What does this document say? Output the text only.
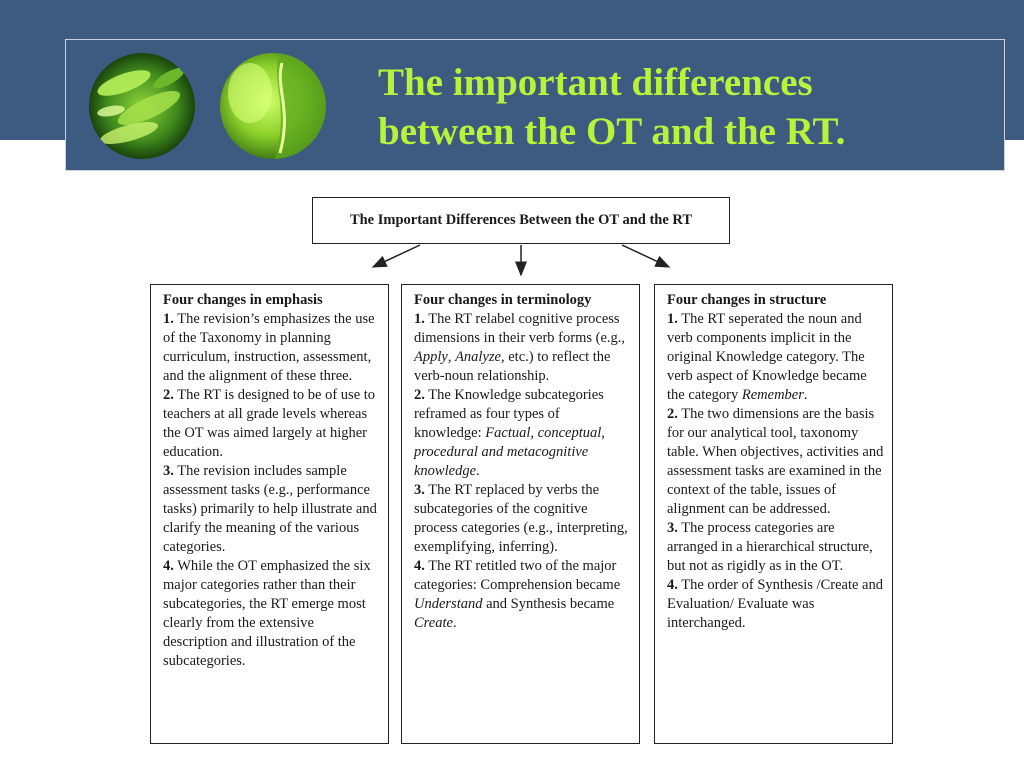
The important differences
between the OT and the RT.
The Important Differences Between the OT and the RT

Four changes in emphasis

1. The revision’s emphasizes the use of the Taxonomy in planning curriculum, instruction, assessment, and the alignment of these three.

2. The RT is designed to be of use to teachers at all grade levels whereas the OT was aimed largely at higher education.

3. The revision includes sample assessment tasks (e.g., performance tasks) primarily to help illustrate and clarify the meaning of the various categories.

4. While the OT emphasized the six major categories rather than their subcategories, the RT emerge most clearly from the extensive description and illustration of the subcategories.

Four changes in terminology

1. The RT relabel cognitive process dimensions in their verb forms (e.g., Apply, Analyze, etc.) to reflect the verb-noun relationship.

2. The Knowledge subcategories reframed as four types of knowledge: Factual, conceptual, procedural and metacognitive knowledge.

3. The RT replaced by verbs the subcategories of the cognitive process categories (e.g., interpreting, exemplifying, inferring).

4. The RT retitled two of the major categories: Comprehension became Understand and Synthesis became Create.

Four changes in structure

1. The RT seperated the noun and verb components implicit in the original Knowledge category. The verb aspect of Knowledge became the category Remember.

2. The two dimensions are the basis for our analytical tool, taxonomy table. When objectives, activities and assessment tasks are examined in the context of the table, issues of alignment can be addressed.

3. The process categories are arranged in a hierarchical structure, but not as rigidly as in the OT.

4. The order of Synthesis /Create and Evaluation/ Evaluate was interchanged.
